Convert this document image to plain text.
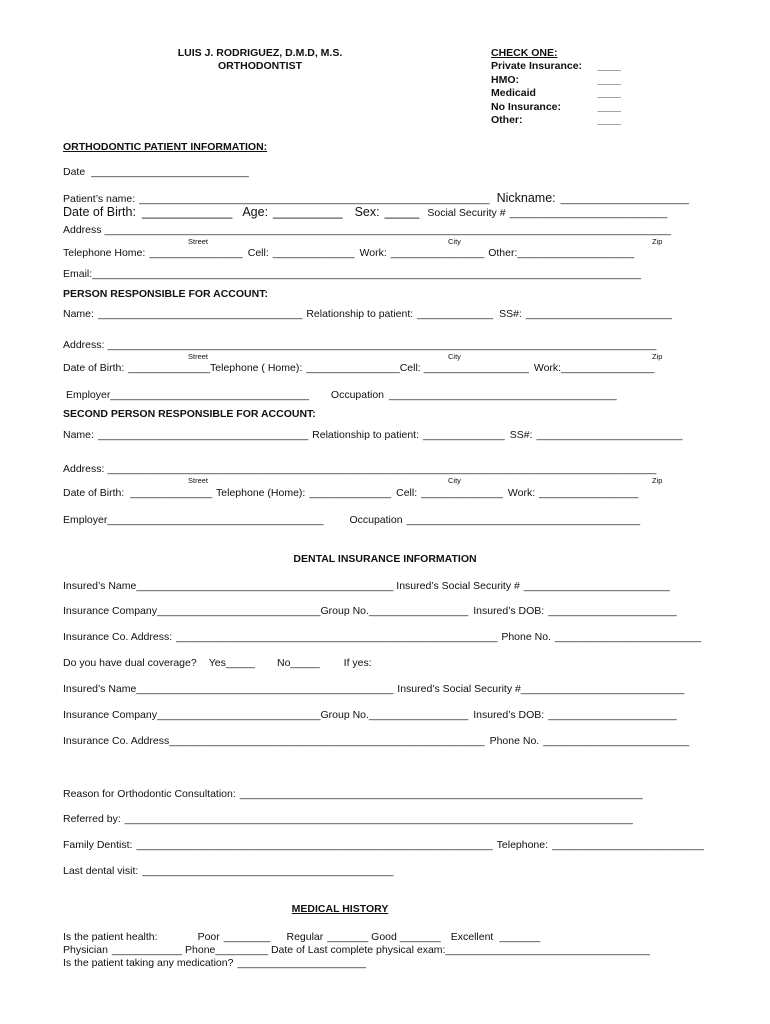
LUIS J. RODRIGUEZ, D.M.D, M.S.
ORTHODONTIST
CHECK ONE:
Private Insurance: ____
HMO:	____
Medicaid	____
No Insurance:	____
Other:	____
ORTHODONTIC PATIENT INFORMATION:
Date ___________________________
Patient’s name: ____________________________________________________________ Nickname: ______________________
Date of Birth: _____________ Age: __________ Sex: _____ Social Security # ___________________________
Address _________________________________________________________________________________________________
Street	City	Zip
Telephone Home: ________________ Cell: ______________ Work: ________________ Other:____________________
Email:______________________________________________________________________________________________
PERSON RESPONSIBLE FOR ACCOUNT:
Name: ___________________________________ Relationship to patient: _____________ SS#: _________________________
Address: ______________________________________________________________________________________________
Street	City	Zip
Date of Birth: ______________Telephone ( Home): ________________Cell: __________________ Work:________________
Employer__________________________________ Occupation _______________________________________
SECOND PERSON RESPONSIBLE FOR ACCOUNT:
Name: ____________________________________ Relationship to patient: ______________ SS#: _________________________
Address: ______________________________________________________________________________________________
Street	City	Zip
Date of Birth: ______________ Telephone (Home): ______________ Cell: ______________ Work: _________________
Employer_____________________________________ Occupation ________________________________________
DENTAL INSURANCE INFORMATION
Insured’s Name____________________________________________ Insured’s Social Security # _________________________
Insurance Company____________________________Group No._________________ Insured’s DOB: ______________________
Insurance Co. Address: _______________________________________________________ Phone No. _________________________
Do you have dual coverage? Yes_____ No_____ If yes:
Insured’s Name____________________________________________ Insured’s Social Security #____________________________
Insurance Company____________________________Group No._________________ Insured’s DOB: ______________________
Insurance Co. Address______________________________________________________ Phone No. _________________________
Reason for Orthodontic Consultation: _____________________________________________________________________
Referred by: _______________________________________________________________________________________
Family Dentist: _____________________________________________________________ Telephone: __________________________
Last dental visit: ___________________________________________
MEDICAL HISTORY
Is the patient health:	Poor ________ Regular _______ Good _______ Excellent _______
Physician ____________ Phone_________ Date of Last complete physical exam:___________________________________
Is the patient taking any medication? ______________________
